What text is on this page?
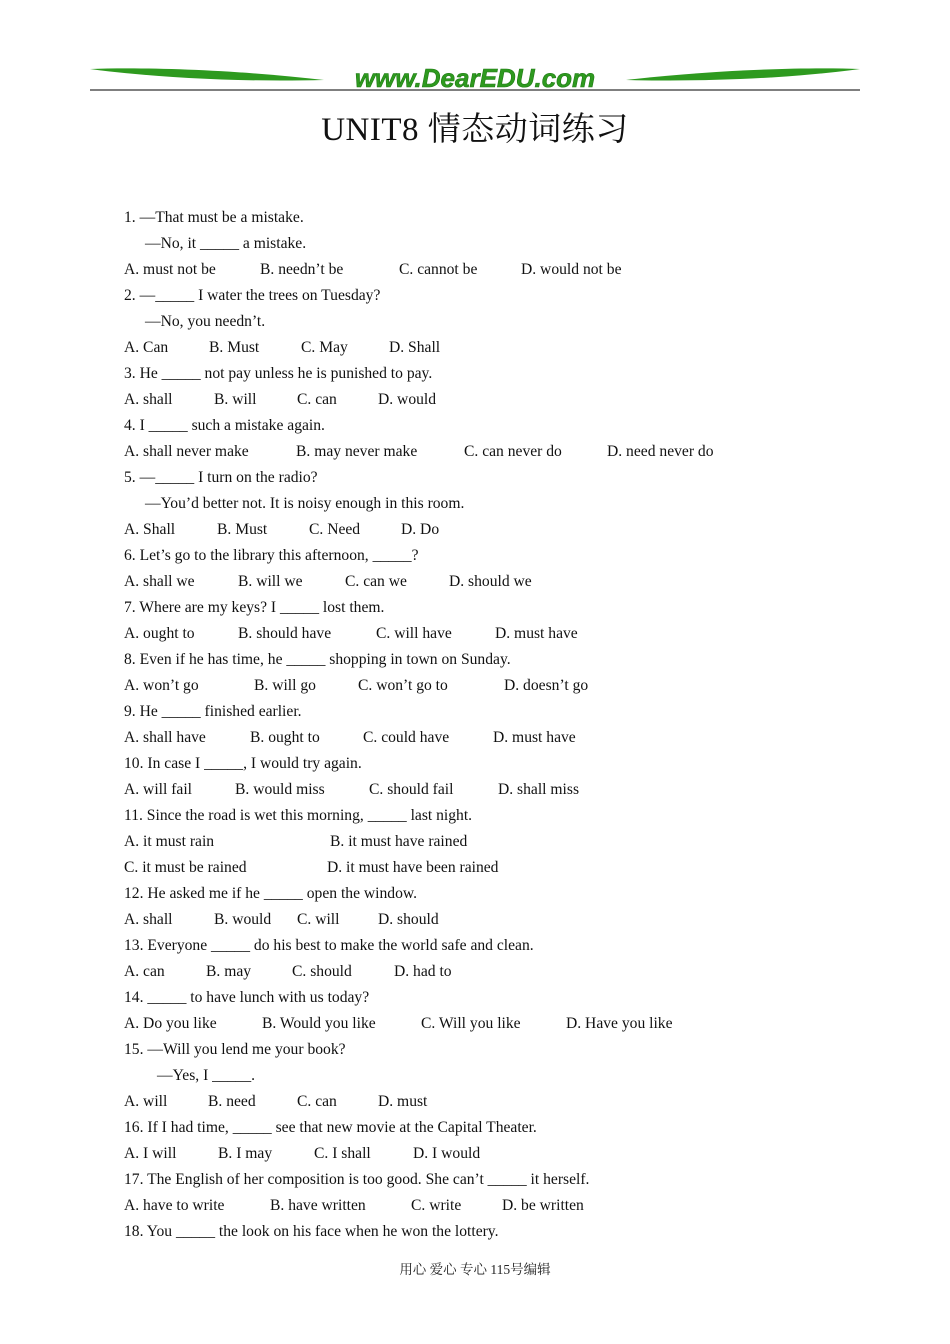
www.DearEDU.com
UNIT8 情态动词练习
1. —That must be a mistake.
—No, it _____ a mistake.
A. must not be	B. needn’t be	C. cannot be	D. would not be
2. —_____ I water the trees on Tuesday?
—No, you needn’t.
A. Can	B. Must	C. May	D. Shall
3. He _____ not pay unless he is punished to pay.
A. shall	B. will	C. can	D. would
4. I _____ such a mistake again.
A. shall never make	B. may never make	C. can never do	D. need never do
5. —_____ I turn on the radio?
—You’d better not. It is noisy enough in this room.
A. Shall	B. Must	C. Need	D. Do
6. Let’s go to the library this afternoon, _____?
A. shall we	B. will we	C. can we	D. should we
7. Where are my keys? I _____ lost them.
A. ought to	B. should have	C. will have	D. must have
8. Even if he has time, he _____ shopping in town on Sunday.
A. won’t go	B. will go	C. won’t go to	D. doesn’t go
9. He _____ finished earlier.
A. shall have	B. ought to	C. could have	D. must have
10. In case I _____, I would try again.
A. will fail	B. would miss	C. should fail	D. shall miss
11. Since the road is wet this morning, _____ last night.
A. it must rain	B. it must have rained
C. it must be rained	D. it must have been rained
12. He asked me if he _____ open the window.
A. shall	B. would C. will D. should
13. Everyone _____ do his best to make the world safe and clean.
A. can	B. may	C. should	D. had to
14. _____ to have lunch with us today?
A. Do you like	B. Would you like	C. Will you like	D. Have you like
15. —Will you lend me your book?
—Yes, I _____.
A. will	B. need	C. can	D. must
16. If I had time, _____ see that new movie at the Capital Theater.
A. I will	B. I may	C. I shall	D. I would
17. The English of her composition is too good. She can’t _____ it herself.
A. have to write	B. have written	C. write	D. be written
18. You _____ the look on his face when he won the lottery.
用心 爱心 专心 115号编辑
